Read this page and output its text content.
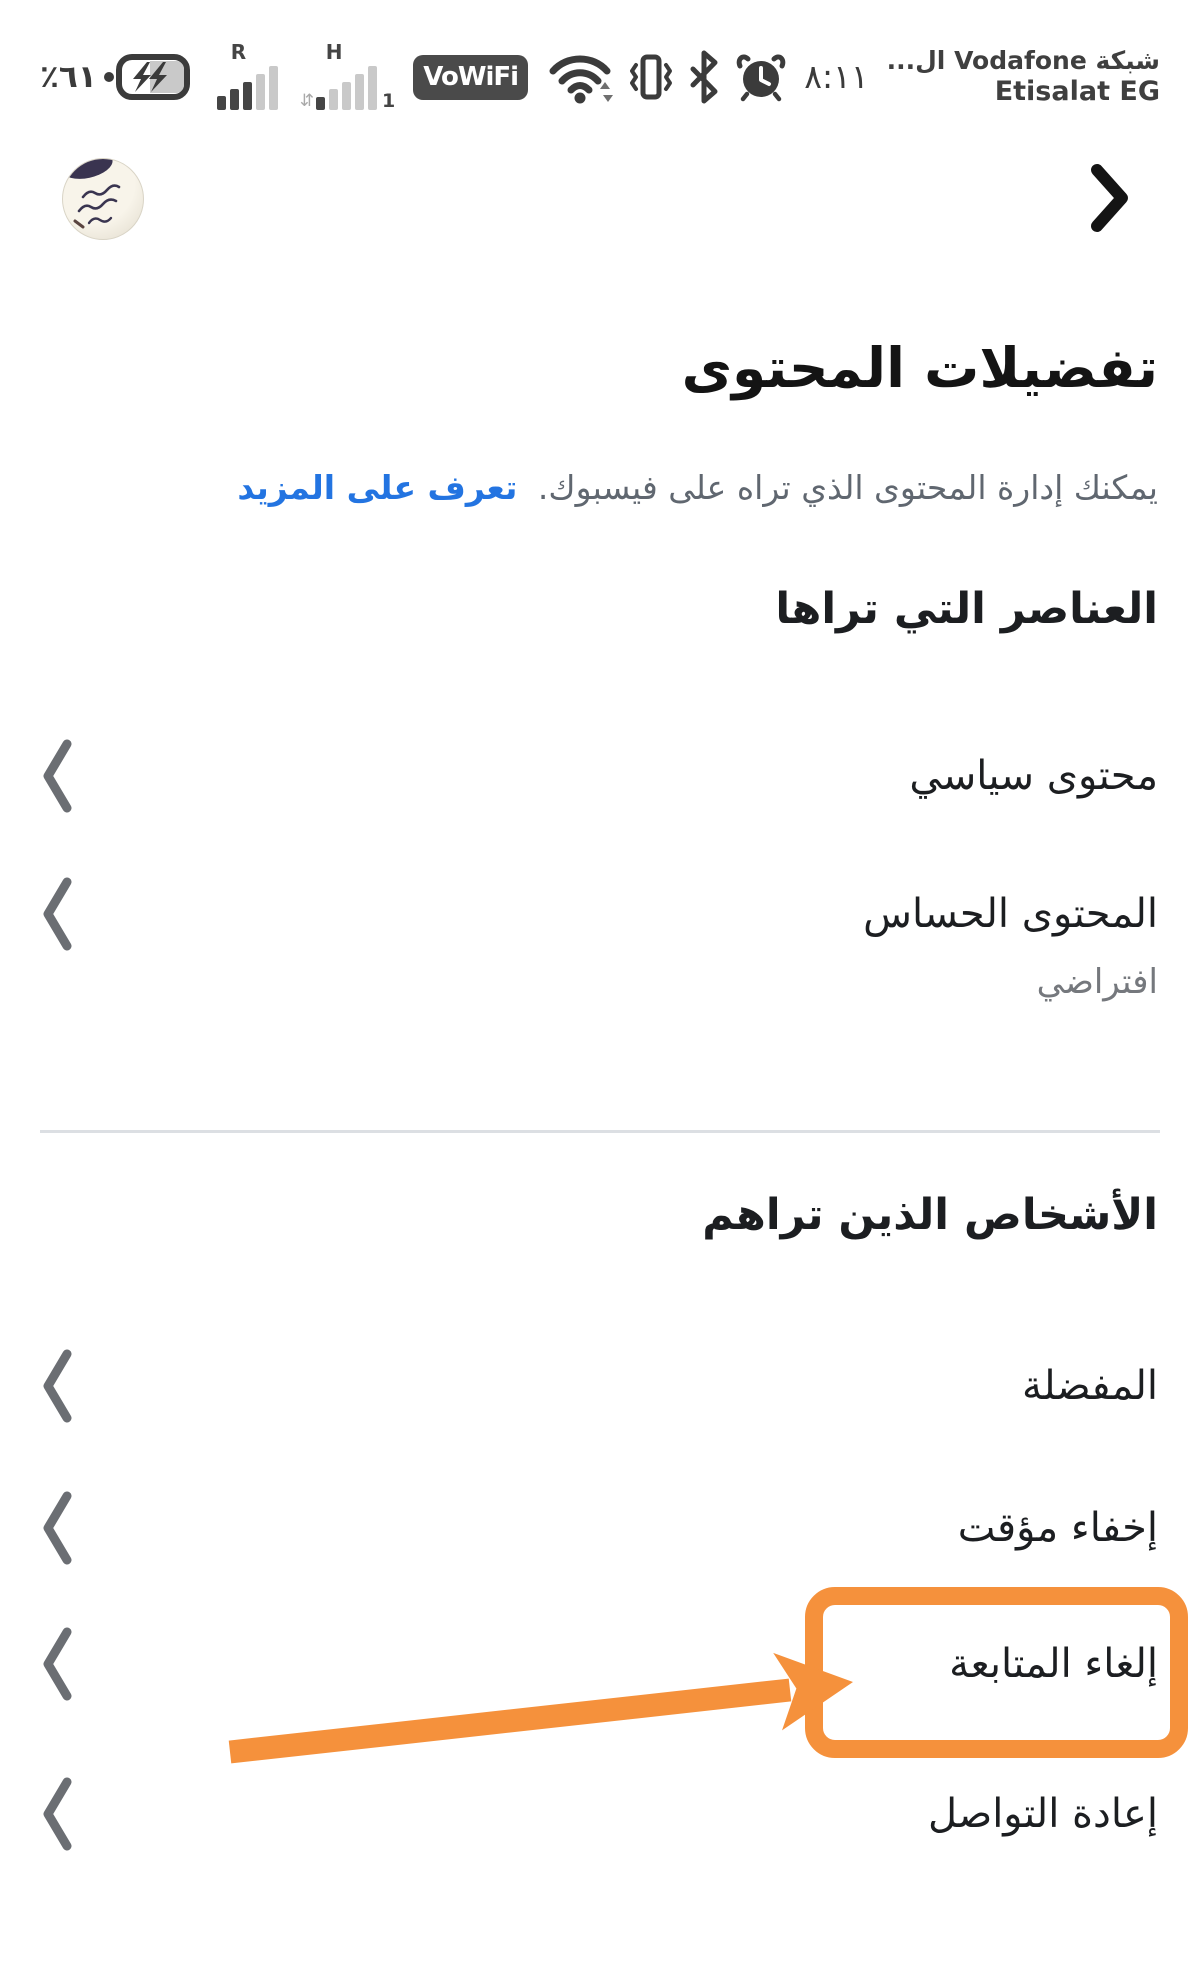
٦١٪
R	H
⇵	1
VoWiFi	٨:١١ شبكة Vodafone ال...
Etisalat EG
تفضيلات المحتوى
يمكنك إدارة المحتوى الذي تراه على فيسبوك. تعرف على المزيد
العناصر التي تراها
محتوى سياسي
المحتوى الحساس
افتراضي
الأشخاص الذين تراهم
المفضلة
إخفاء مؤقت
إلغاء المتابعة
إعادة التواصل
